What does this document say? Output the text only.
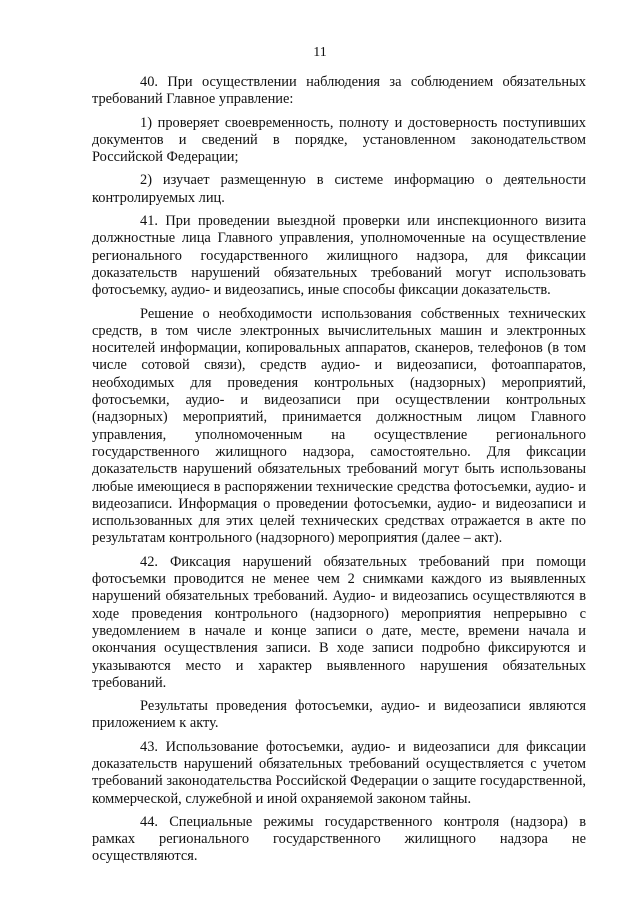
11

40. При осуществлении наблюдения за соблюдением обязательных требований Главное управление:

1) проверяет своевременность, полноту и достоверность поступивших документов и сведений в порядке, установленном законодательством Российской Федерации;

2) изучает размещенную в системе информацию о деятельности контролируемых лиц.

41. При проведении выездной проверки или инспекционного визита должностные лица Главного управления, уполномоченные на осуществление регионального государственного жилищного надзора, для фиксации доказательств нарушений обязательных требований могут использовать фотосъемку, аудио- и видеозапись, иные способы фиксации доказательств.

Решение о необходимости использования собственных технических средств, в том числе электронных вычислительных машин и электронных носителей информации, копировальных аппаратов, сканеров, телефонов (в том числе сотовой связи), средств аудио- и видеозаписи, фотоаппаратов, необходимых для проведения контрольных (надзорных) мероприятий, фотосъемки, аудио- и видеозаписи при осуществлении контрольных (надзорных) мероприятий, принимается должностным лицом Главного управления, уполномоченным на осуществление регионального государственного жилищного надзора, самостоятельно. Для фиксации доказательств нарушений обязательных требований могут быть использованы любые имеющиеся в распоряжении технические средства фотосъемки, аудио- и видеозаписи. Информация о проведении фотосъемки, аудио- и видеозаписи и использованных для этих целей технических средствах отражается в акте по результатам контрольного (надзорного) мероприятия (далее – акт).

42. Фиксация нарушений обязательных требований при помощи фотосъемки проводится не менее чем 2 снимками каждого из выявленных нарушений обязательных требований. Аудио- и видеозапись осуществляются в ходе проведения контрольного (надзорного) мероприятия непрерывно с уведомлением в начале и конце записи о дате, месте, времени начала и окончания осуществления записи. В ходе записи подробно фиксируются и указываются место и характер выявленного нарушения обязательных требований.

Результаты проведения фотосъемки, аудио- и видеозаписи являются приложением к акту.

43. Использование фотосъемки, аудио- и видеозаписи для фиксации доказательств нарушений обязательных требований осуществляется с учетом требований законодательства Российской Федерации о защите государственной, коммерческой, служебной и иной охраняемой законом тайны.

44. Специальные режимы государственного контроля (надзора) в рамках регионального государственного жилищного надзора не осуществляются.
